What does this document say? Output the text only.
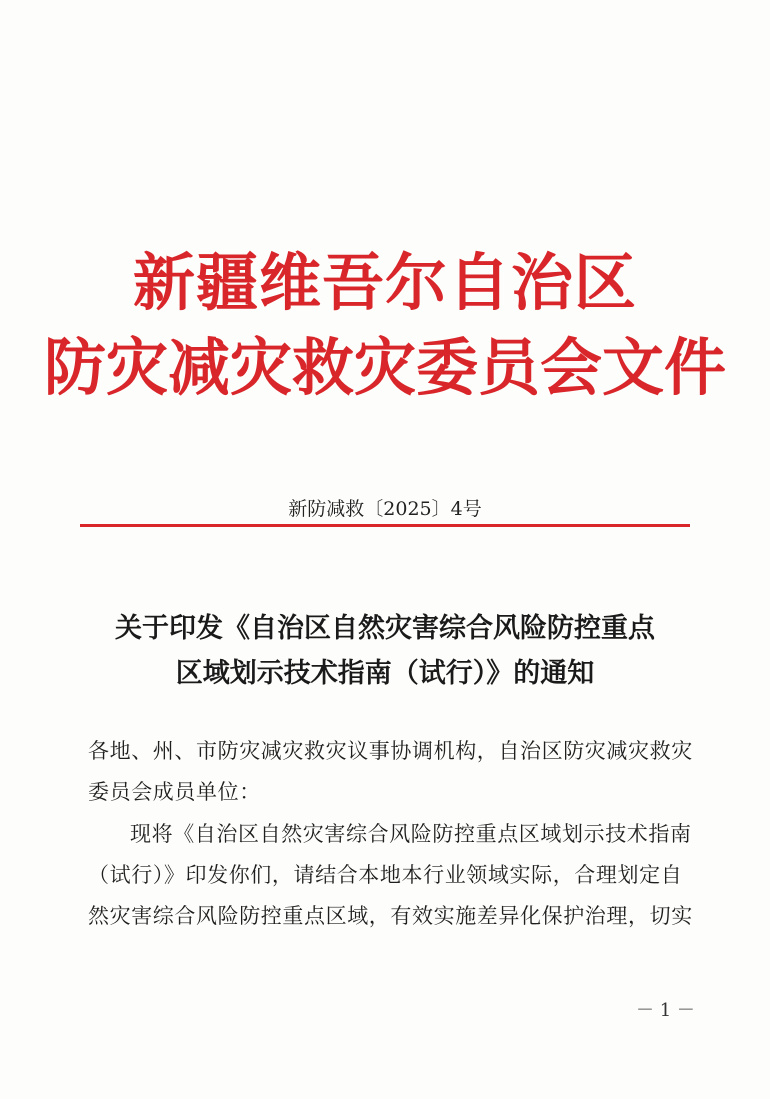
新疆维吾尔自治区
防灾减灾救灾委员会文件
新防减救〔2025〕4号
关于印发《自治区自然灾害综合风险防控重点
区域划示技术指南（试行）》的通知
各地、州、市防灾减灾救灾议事协调机构，自治区防灾减灾救灾
委员会成员单位：
现将《自治区自然灾害综合风险防控重点区域划示技术指南
（试行）》印发你们，请结合本地本行业领域实际，合理划定自
然灾害综合风险防控重点区域，有效实施差异化保护治理，切实
－ 1 －
